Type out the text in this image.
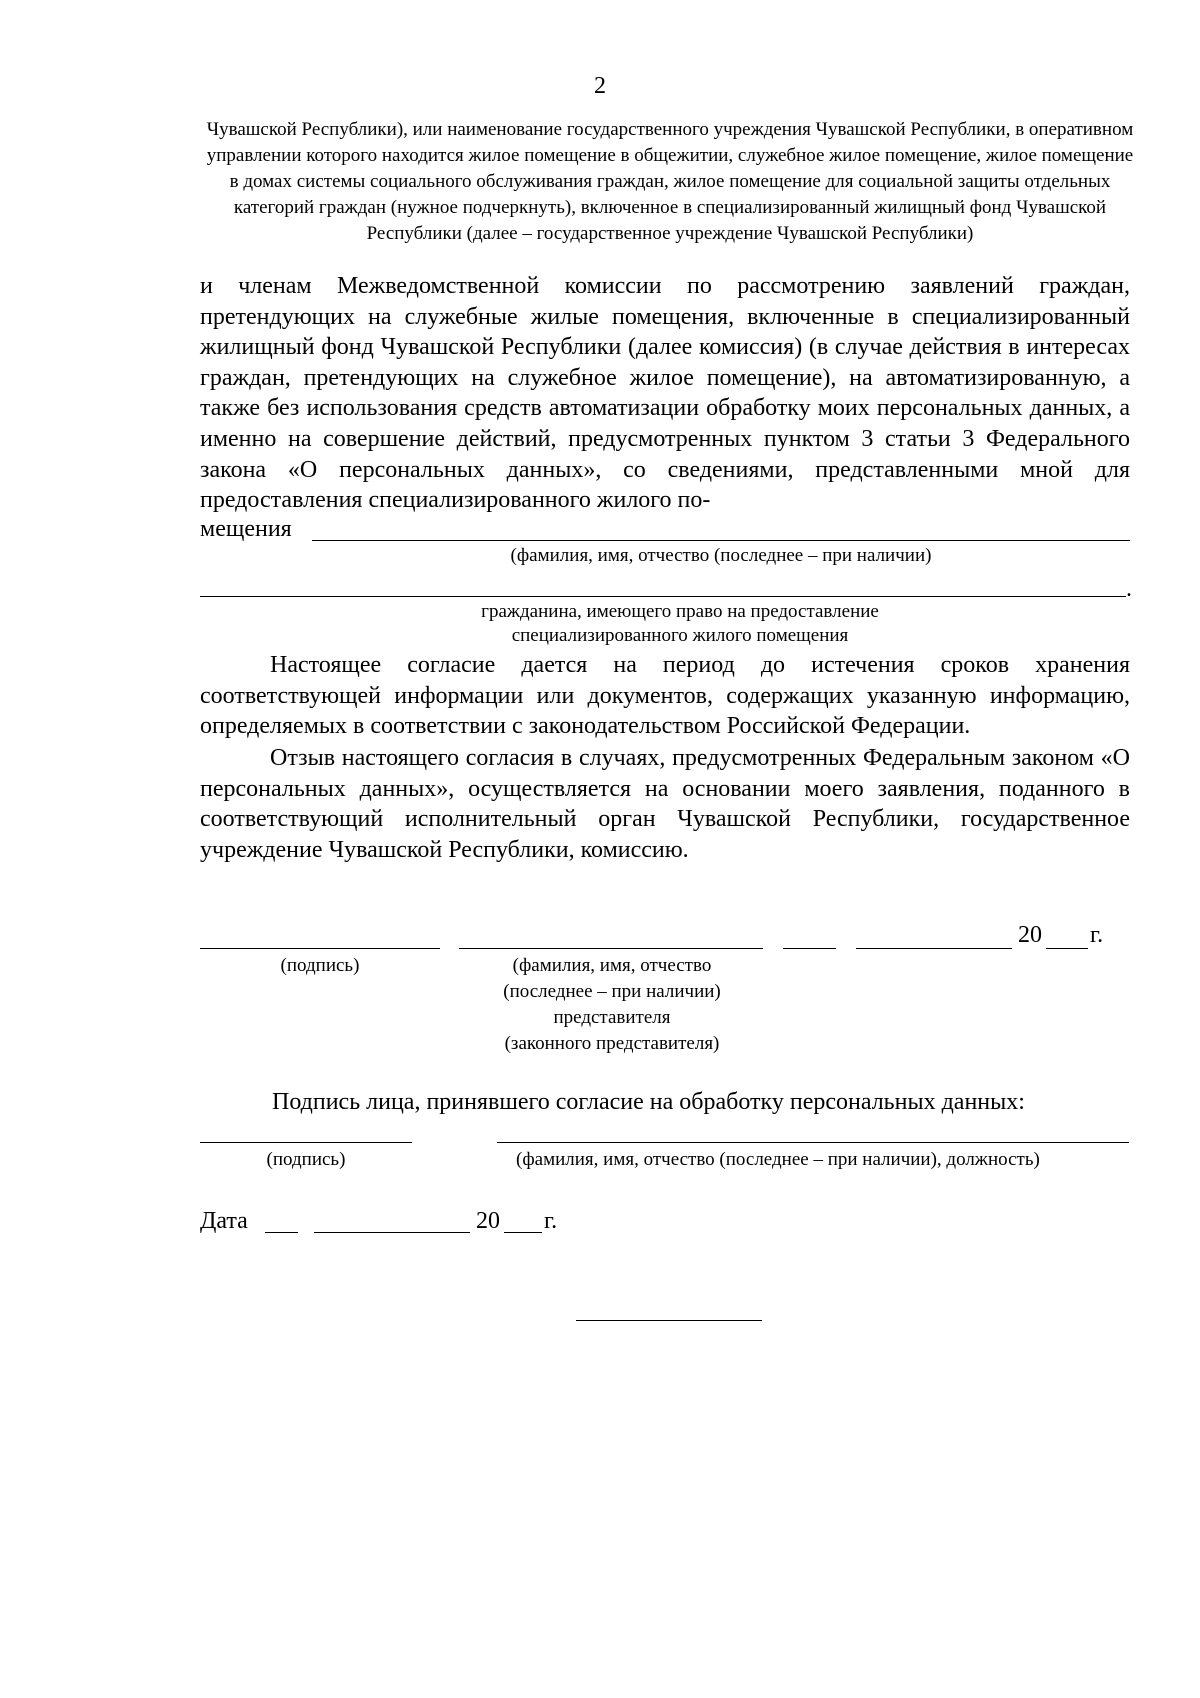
2
Чувашской Республики), или наименование государственного учреждения Чувашской Республики, в оперативном управлении которого находится жилое помещение в общежитии, служебное жилое помещение, жилое помещение в домах системы социального обслуживания граждан, жилое помещение для социальной защиты отдельных категорий граждан (нужное подчеркнуть), включенное в специализированный жилищный фонд Чувашской Республики (далее – государственное учреждение Чувашской Республики)

и членам Межведомственной комиссии по рассмотрению заявлений граждан, претендующих на служебные жилые помещения, включенные в специализированный жилищный фонд Чувашской Республики (далее комиссия) (в случае действия в интересах граждан, претендующих на служебное жилое помещение), на автоматизированную, а также без использования средств автоматизации обработку моих персональных данных, а именно на совершение действий, предусмотренных пунктом 3 статьи 3 Федерального закона «О персональных данных», со сведениями, представленными мной для предоставления специализированного жилого по-

мещения
(фамилия, имя, отчество (последнее – при наличии)
.
гражданина, имеющего право на предоставление
специализированного жилого помещения

Настоящее согласие дается на период до истечения сроков хранения соответствующей информации или документов, содержащих указанную информацию, определяемых в соответствии с законодательством Российской Федерации.

Отзыв настоящего согласия в случаях, предусмотренных Федеральным законом «О персональных данных», осуществляется на основании моего заявления, поданного в соответствующий исполнительный орган Чувашской Республики, государственное учреждение Чувашской Республики, комиссию.

20 г.
(подпись)	(фамилия, имя, отчество
(последнее – при наличии)
представителя
(законного представителя)
Подпись лица, принявшего согласие на обработку персональных данных:
(подпись)	(фамилия, имя, отчество (последнее – при наличии), должность)
Дата	20 г.
